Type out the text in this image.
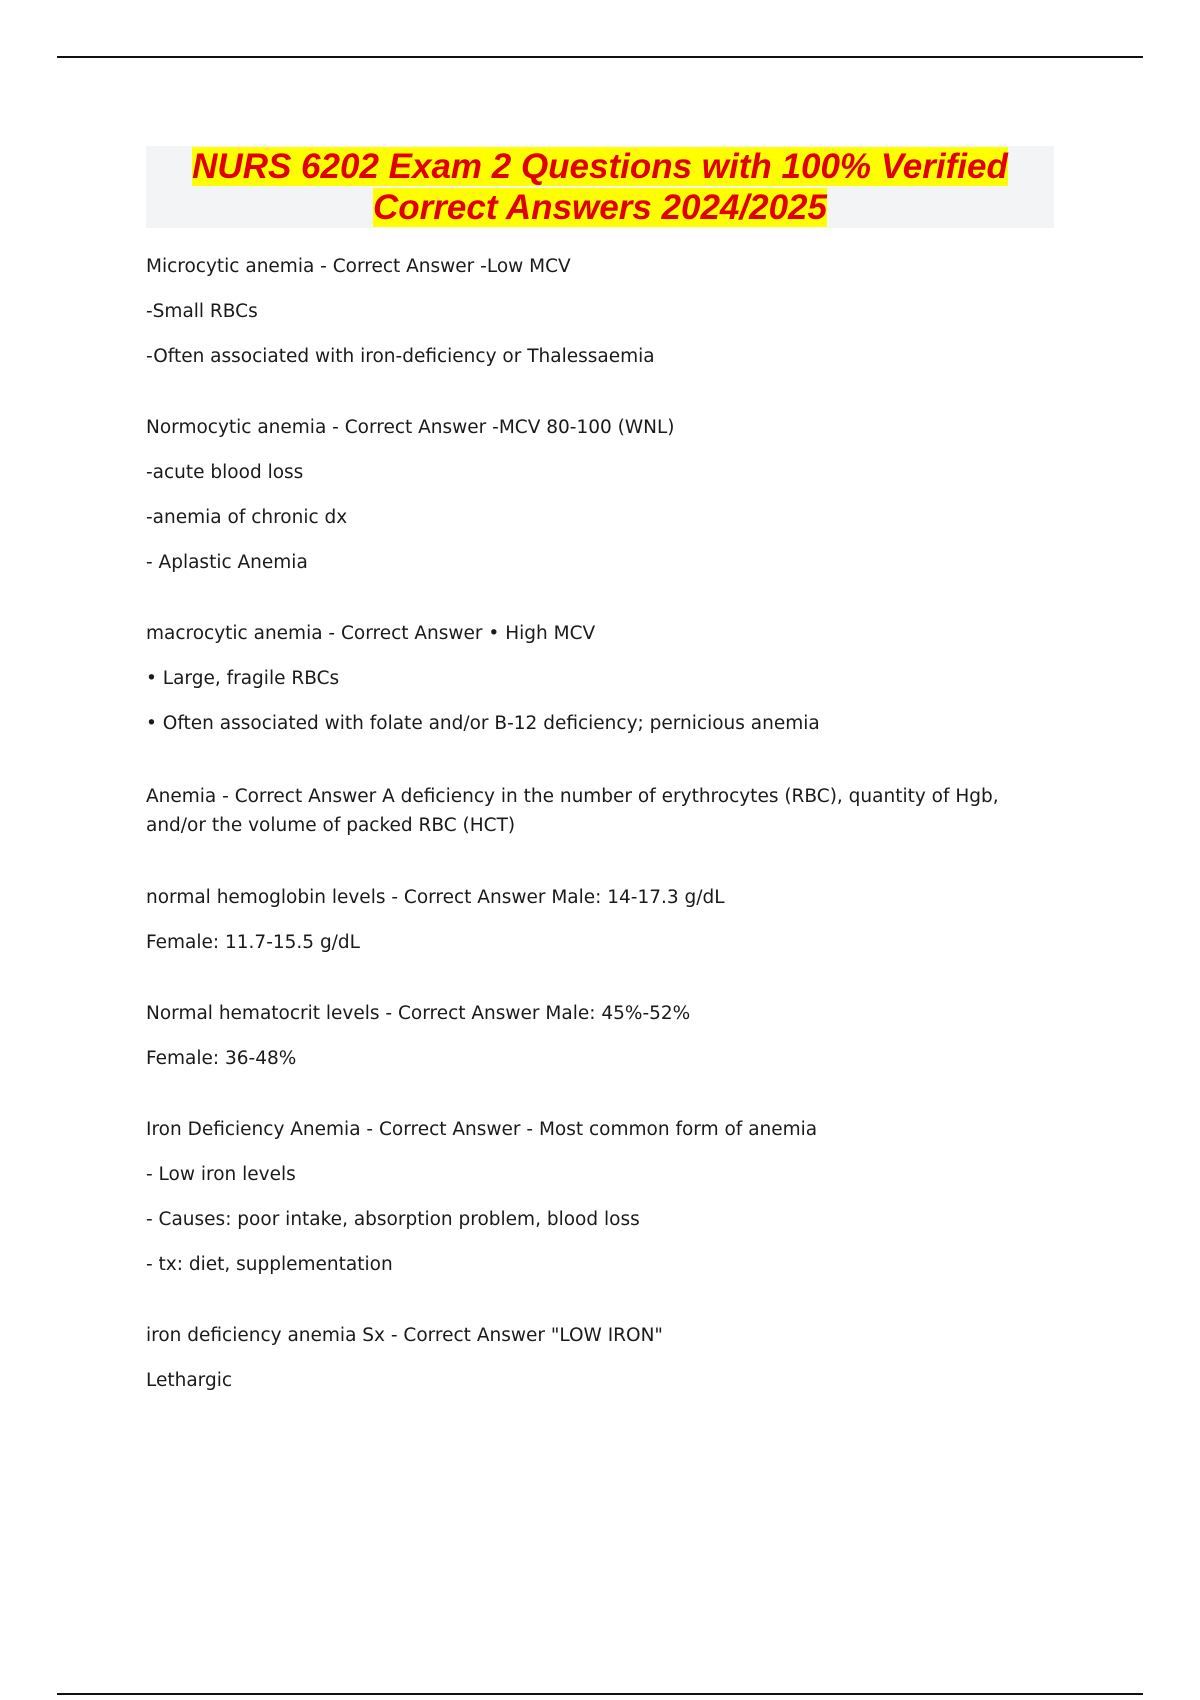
NURS 6202 Exam 2 Questions with 100% Verified
Correct Answers 2024/2025

Microcytic anemia - Correct Answer -Low MCV

-Small RBCs

-Often associated with iron-deficiency or Thalessaemia

Normocytic anemia - Correct Answer -MCV 80-100 (WNL)

-acute blood loss

-anemia of chronic dx

- Aplastic Anemia

macrocytic anemia - Correct Answer • High MCV

• Large, fragile RBCs

• Often associated with folate and/or B-12 deficiency; pernicious anemia

Anemia - Correct Answer A deficiency in the number of erythrocytes (RBC), quantity of Hgb, and/or the volume of packed RBC (HCT)

normal hemoglobin levels - Correct Answer Male: 14-17.3 g/dL

Female: 11.7-15.5 g/dL

Normal hematocrit levels - Correct Answer Male: 45%-52%

Female: 36-48%

Iron Deficiency Anemia - Correct Answer - Most common form of anemia

- Low iron levels

- Causes: poor intake, absorption problem, blood loss

- tx: diet, supplementation

iron deficiency anemia Sx - Correct Answer "LOW IRON"

Lethargic
